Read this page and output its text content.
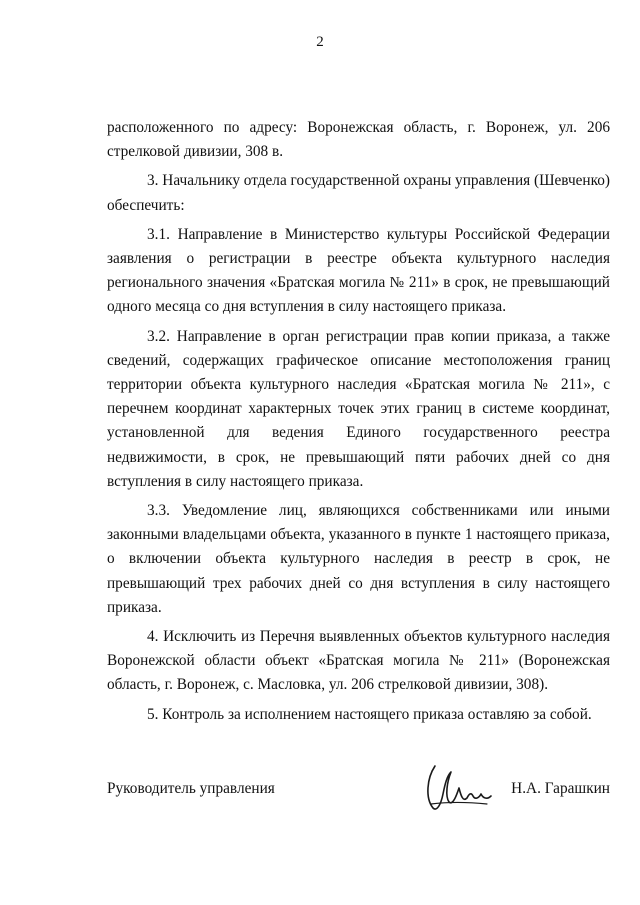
2

расположенного по адресу: Воронежская область, г. Воронеж, ул. 206 стрелковой дивизии, 308 в.

3. Начальнику отдела государственной охраны управления (Шевченко) обеспечить:

3.1. Направление в Министерство культуры Российской Федерации заявления о регистрации в реестре объекта культурного наследия регионального значения «Братская могила № 211» в срок, не превышающий одного месяца со дня вступления в силу настоящего приказа.

3.2. Направление в орган регистрации прав копии приказа, а также сведений, содержащих графическое описание местоположения границ территории объекта культурного наследия «Братская могила № 211», с перечнем координат характерных точек этих границ в системе координат, установленной для ведения Единого государственного реестра недвижимости, в срок, не превышающий пяти рабочих дней со дня вступления в силу настоящего приказа.

3.3. Уведомление лиц, являющихся собственниками или иными законными владельцами объекта, указанного в пункте 1 настоящего приказа, о включении объекта культурного наследия в реестр в срок, не превышающий трех рабочих дней со дня вступления в силу настоящего приказа.

4. Исключить из Перечня выявленных объектов культурного наследия Воронежской области объект «Братская могила № 211» (Воронежская область, г. Воронеж, с. Масловка, ул. 206 стрелковой дивизии, 308).

5. Контроль за исполнением настоящего приказа оставляю за собой.

Руководитель управления	Н.А. Гарашкин
